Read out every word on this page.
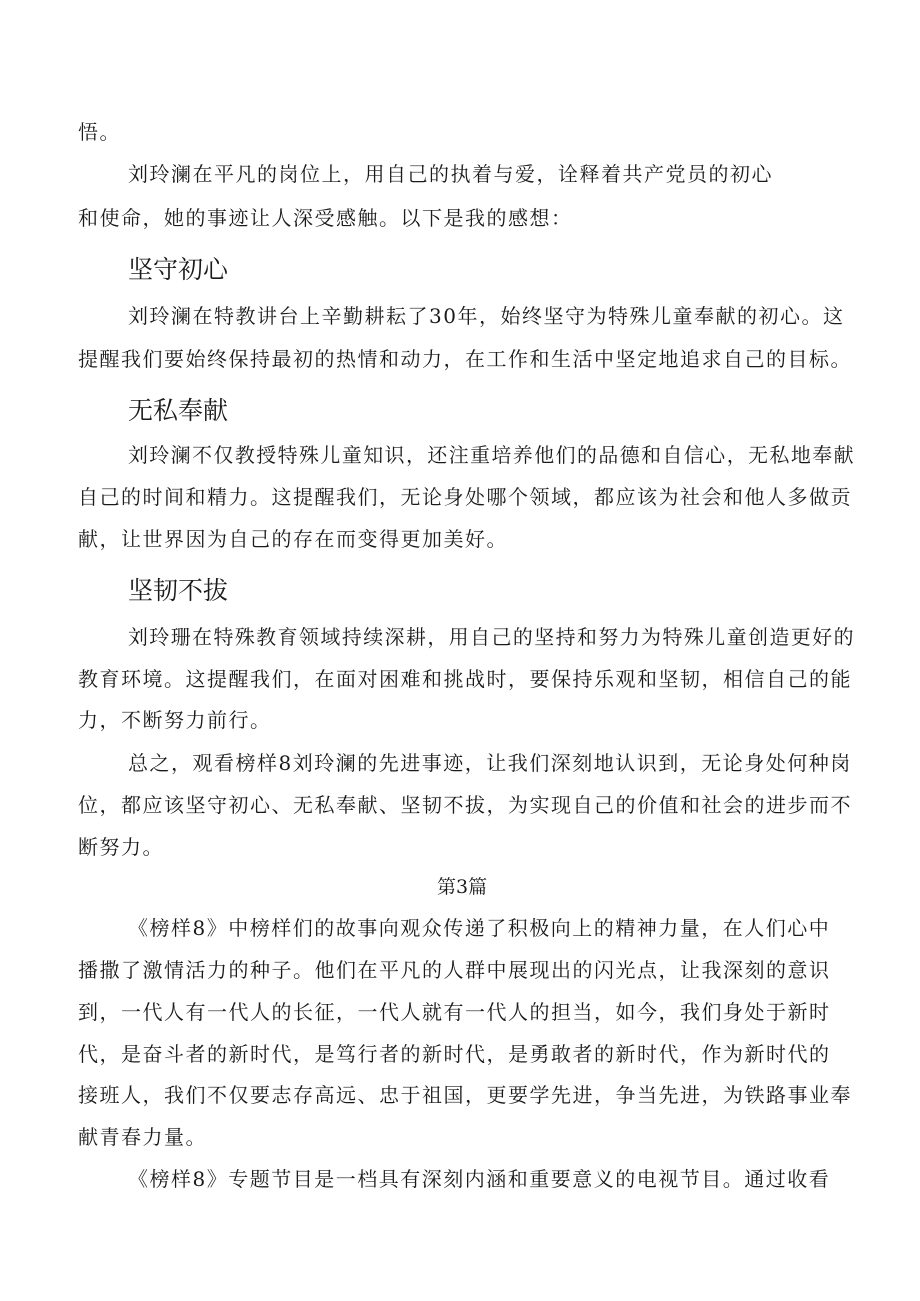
悟。
刘玲澜在平凡的岗位上，用自己的执着与爱，诠释着共产党员的初心
和使命，她的事迹让人深受感触。以下是我的感想：
坚守初心
刘玲澜在特教讲台上辛勤耕耘了30年，始终坚守为特殊儿童奉献的初心。这
提醒我们要始终保持最初的热情和动力，在工作和生活中坚定地追求自己的目标。
无私奉献
刘玲澜不仅教授特殊儿童知识，还注重培养他们的品德和自信心，无私地奉献
自己的时间和精力。这提醒我们，无论身处哪个领域，都应该为社会和他人多做贡
献，让世界因为自己的存在而变得更加美好。
坚韧不拔
刘玲珊在特殊教育领域持续深耕，用自己的坚持和努力为特殊儿童创造更好的
教育环境。这提醒我们，在面对困难和挑战时，要保持乐观和坚韧，相信自己的能
力，不断努力前行。
总之，观看榜样8刘玲澜的先进事迹，让我们深刻地认识到，无论身处何种岗
位，都应该坚守初心、无私奉献、坚韧不拔，为实现自己的价值和社会的进步而不
断努力。
第3篇
《榜样8》中榜样们的故事向观众传递了积极向上的精神力量，在人们心中
播撒了激情活力的种子。他们在平凡的人群中展现出的闪光点，让我深刻的意识
到，一代人有一代人的长征，一代人就有一代人的担当，如今，我们身处于新时
代，是奋斗者的新时代，是笃行者的新时代，是勇敢者的新时代，作为新时代的
接班人，我们不仅要志存高远、忠于祖国，更要学先进，争当先进，为铁路事业奉
献青春力量。
《榜样8》专题节目是一档具有深刻内涵和重要意义的电视节目。通过收看
